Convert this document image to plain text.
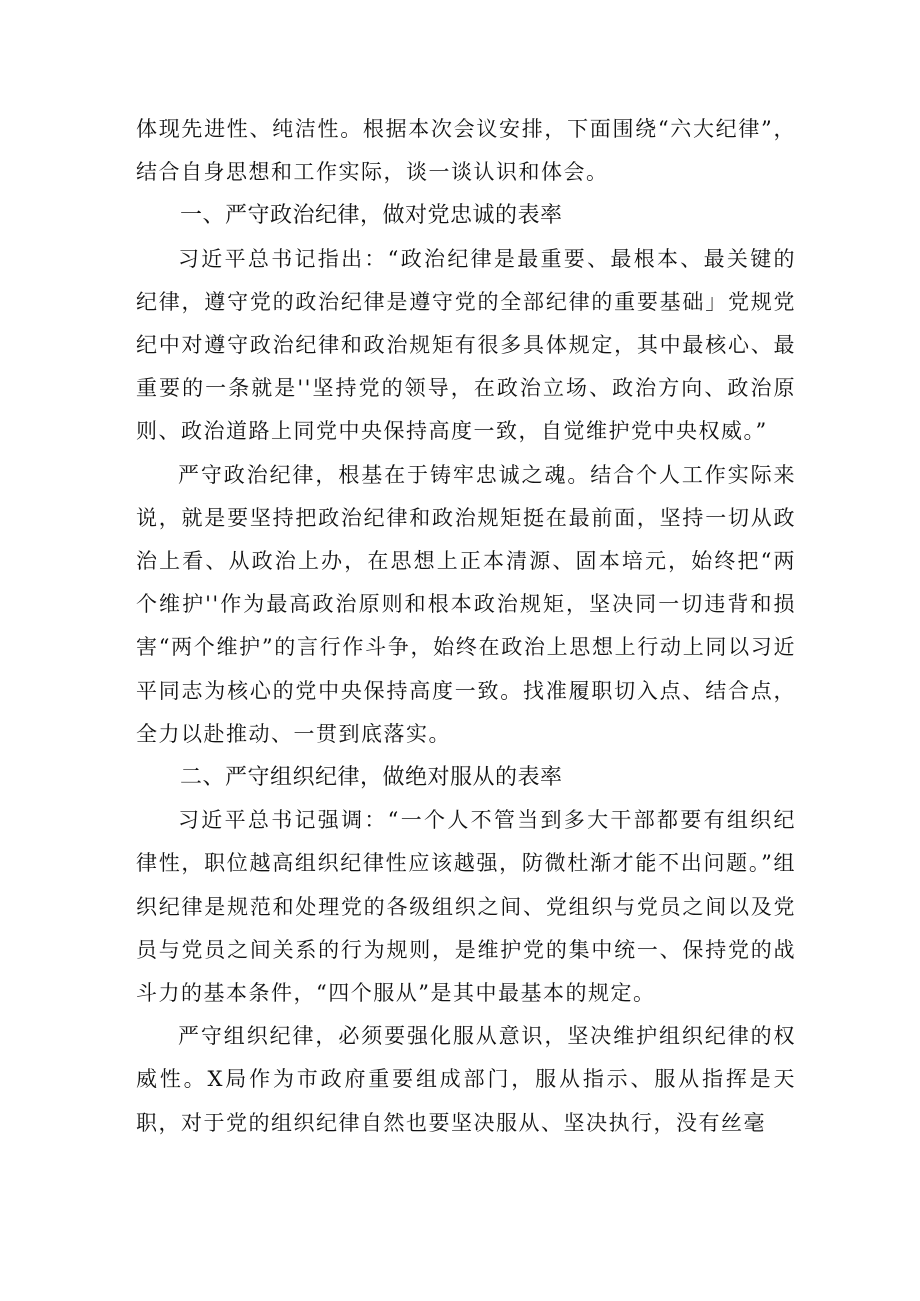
体现先进性、纯洁性。根据本次会议安排，下面围绕“六大纪律”，结合自身思想和工作实际，谈一谈认识和体会。

一、严守政治纪律，做对党忠诚的表率

习近平总书记指出：“政治纪律是最重要、最根本、最关键的纪律，遵守党的政治纪律是遵守党的全部纪律的重要基础」党规党纪中对遵守政治纪律和政治规矩有很多具体规定，其中最核心、最重要的一条就是''坚持党的领导，在政治立场、政治方向、政治原则、政治道路上同党中央保持高度一致，自觉维护党中央权威。”

严守政治纪律，根基在于铸牢忠诚之魂。结合个人工作实际来说，就是要坚持把政治纪律和政治规矩挺在最前面，坚持一切从政治上看、从政治上办，在思想上正本清源、固本培元，始终把“两个维护''作为最高政治原则和根本政治规矩，坚决同一切违背和损害“两个维护”的言行作斗争，始终在政治上思想上行动上同以习近平同志为核心的党中央保持高度一致。找准履职切入点、结合点，全力以赴推动、一贯到底落实。

二、严守组织纪律，做绝对服从的表率

习近平总书记强调：“一个人不管当到多大干部都要有组织纪律性，职位越高组织纪律性应该越强，防微杜渐才能不出问题。”组织纪律是规范和处理党的各级组织之间、党组织与党员之间以及党员与党员之间关系的行为规则，是维护党的集中统一、保持党的战斗力的基本条件，“四个服从”是其中最基本的规定。

严守组织纪律，必须要强化服从意识，坚决维护组织纪律的权威性。X局作为市政府重要组成部门，服从指示、服从指挥是天职，对于党的组织纪律自然也要坚决服从、坚决执行，没有丝毫
